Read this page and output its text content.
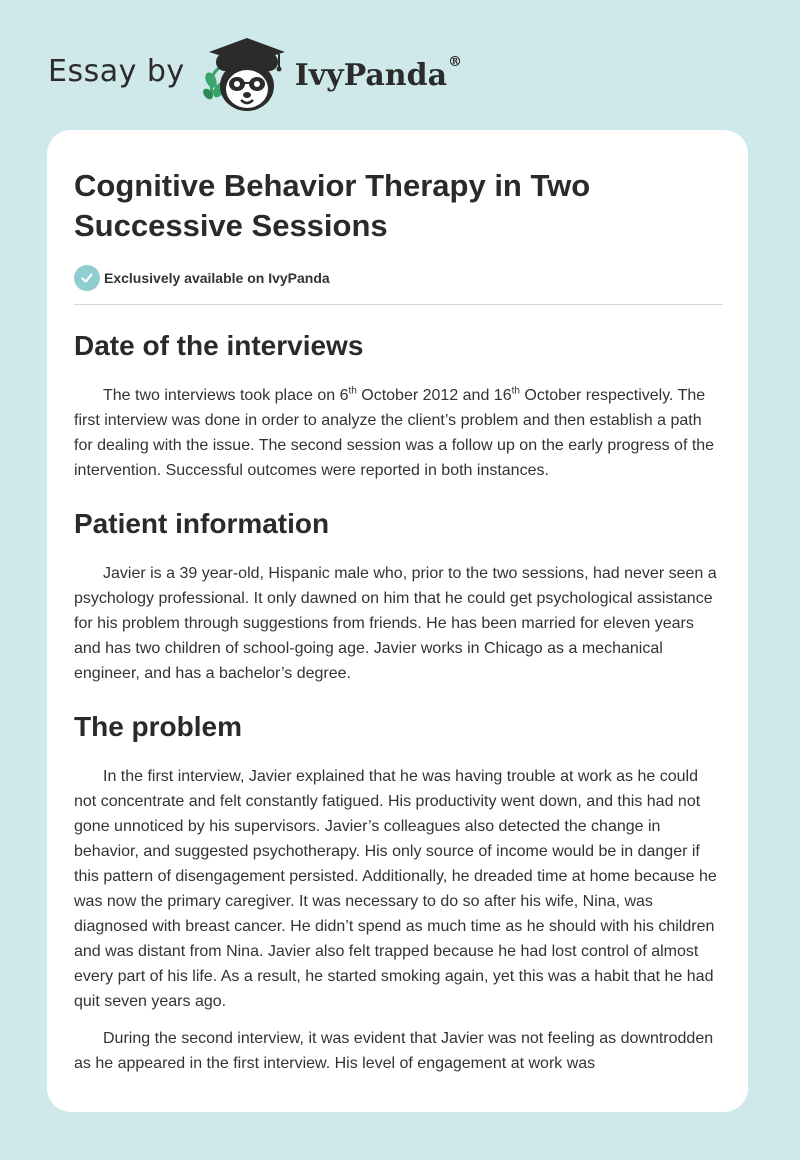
Essay by	IvyPanda®
Cognitive Behavior Therapy in Two Successive Sessions
Exclusively available on IvyPanda
Date of the interviews

The two interviews took place on 6th October 2012 and 16th October respectively. The first interview was done in order to analyze the client’s problem and then establish a path for dealing with the issue. The second session was a follow up on the early progress of the intervention. Successful outcomes were reported in both instances.

Patient information

Javier is a 39 year-old, Hispanic male who, prior to the two sessions, had never seen a psychology professional. It only dawned on him that he could get psychological assistance for his problem through suggestions from friends. He has been married for eleven years and has two children of school-going age. Javier works in Chicago as a mechanical engineer, and has a bachelor’s degree.

The problem

In the first interview, Javier explained that he was having trouble at work as he could not concentrate and felt constantly fatigued. His productivity went down, and this had not gone unnoticed by his supervisors. Javier’s colleagues also detected the change in behavior, and suggested psychotherapy. His only source of income would be in danger if this pattern of disengagement persisted. Additionally, he dreaded time at home because he was now the primary caregiver. It was necessary to do so after his wife, Nina, was diagnosed with breast cancer. He didn’t spend as much time as he should with his children and was distant from Nina. Javier also felt trapped because he had lost control of almost every part of his life. As a result, he started smoking again, yet this was a habit that he had quit seven years ago.

During the second interview, it was evident that Javier was not feeling as downtrodden as he appeared in the first interview. His level of engagement at work was
